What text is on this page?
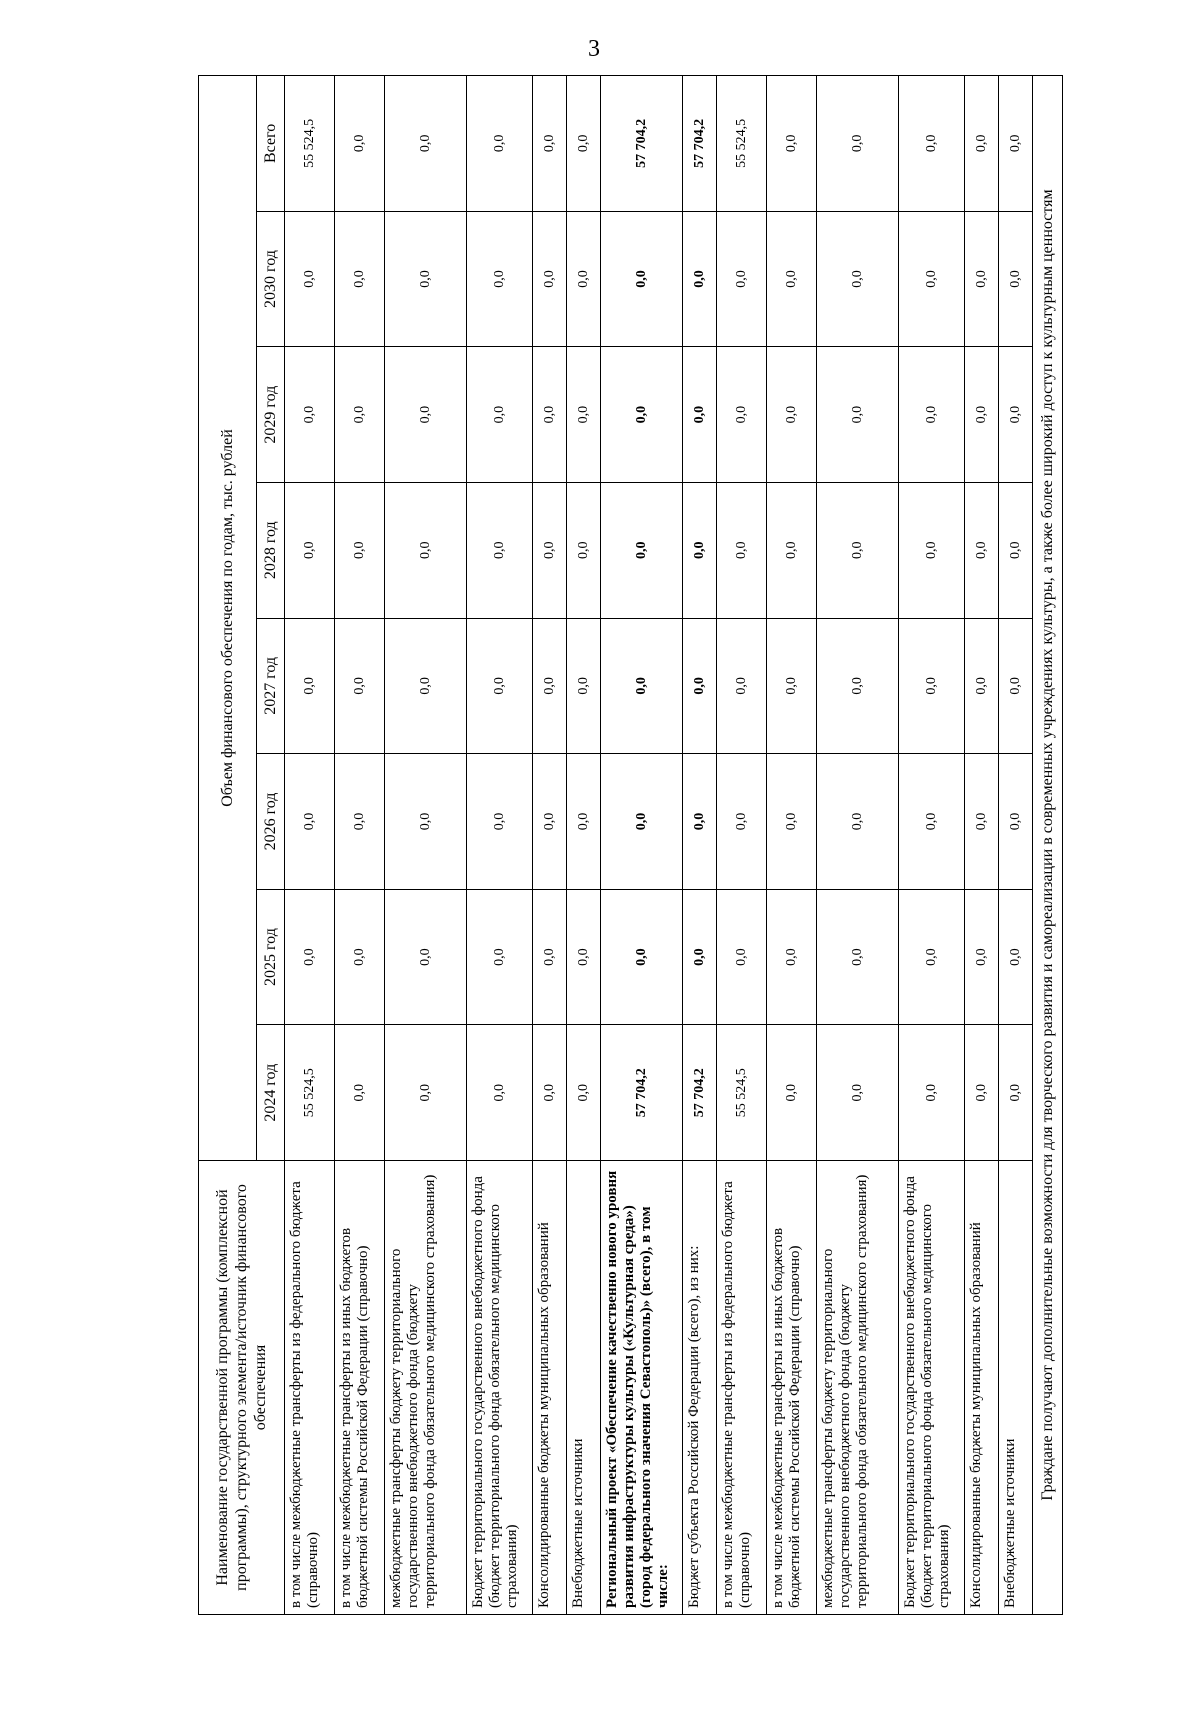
3
Наименование государственной программы (комплексной программы), структурного элемента/источник финансового обеспечения	Объем финансового обеспечения по годам, тыс. рублей							
	2024 год	2025 год	2026 год	2027 год	2028 год	2029 год	2030 год	Всего
в том числе межбюджетные трансферты из федерального бюджета (справочно)	55 524,5	0,0	0,0	0,0	0,0	0,0	0,0	55 524,5
в том числе межбюджетные трансферты из иных бюджетов бюджетной системы Российской Федерации (справочно)	0,0	0,0	0,0	0,0	0,0	0,0	0,0	0,0
межбюджетные трансферты бюджету территориального государственного внебюджетного фонда (бюджету территориального фонда обязательного медицинского страхования)	0,0	0,0	0,0	0,0	0,0	0,0	0,0	0,0
Бюджет территориального государственного внебюджетного фонда (бюджет территориального фонда обязательного медицинского страхования)	0,0	0,0	0,0	0,0	0,0	0,0	0,0	0,0
Консолидированные бюджеты муниципальных образований	0,0	0,0	0,0	0,0	0,0	0,0	0,0	0,0
Внебюджетные источники	0,0	0,0	0,0	0,0	0,0	0,0	0,0	0,0
Региональный проект «Обеспечение качественно нового уровня развития инфраструктуры культуры («Культурная среда») (город федерального значения Севастополь)» (всего), в том числе:	57 704,2	0,0	0,0	0,0	0,0	0,0	0,0	57 704,2
Бюджет субъекта Российской Федерации (всего), из них:	57 704,2	0,0	0,0	0,0	0,0	0,0	0,0	57 704,2
в том числе межбюджетные трансферты из федерального бюджета (справочно)	55 524,5	0,0	0,0	0,0	0,0	0,0	0,0	55 524,5
в том числе межбюджетные трансферты из иных бюджетов бюджетной системы Российской Федерации (справочно)	0,0	0,0	0,0	0,0	0,0	0,0	0,0	0,0
межбюджетные трансферты бюджету территориального государственного внебюджетного фонда (бюджету территориального фонда обязательного медицинского страхования)	0,0	0,0	0,0	0,0	0,0	0,0	0,0	0,0
Бюджет территориального государственного внебюджетного фонда (бюджет территориального фонда обязательного медицинского страхования)	0,0	0,0	0,0	0,0	0,0	0,0	0,0	0,0
Консолидированные бюджеты муниципальных образований	0,0	0,0	0,0	0,0	0,0	0,0	0,0	0,0
Внебюджетные источники	0,0	0,0	0,0	0,0	0,0	0,0	0,0	0,0
Граждане получают дополнительные возможности для творческого развития и самореализации в современных учреждениях культуры, а также более широкий доступ к культурным ценностям								
